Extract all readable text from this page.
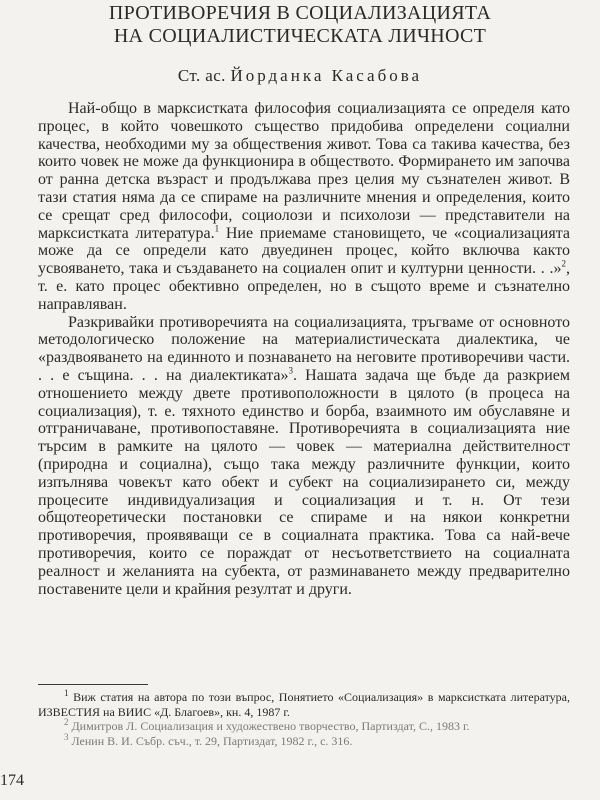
ПРОТИВОРЕЧИЯ В СОЦИАЛИЗАЦИЯТА
НА СОЦИАЛИСТИЧЕСКАТА ЛИЧНОСТ
Ст. ас. Йорданка Касабова

Най-общо в марксистката философия социализацията се определя като процес, в който човешкото същество придобива определени социални качества, необходими му за обществения живот. Това са такива качества, без които човек не може да функционира в обществото. Формирането им започва от ранна детска възраст и продължава през целия му съзнателен живот. В тази статия няма да се спираме на различните мнения и определения, които се срещат сред философи, социолози и психолози — представители на марксистката литература.$^1$ Ние приемаме становището, че «социализацията може да се определи като двуединен процес, който включва както усвояването, така и създаването на социален опит и културни ценности. . .»$^2$, т. е. като процес обективно определен, но в същото време и съзнателно направляван.

Разкривайки противоречията на социализацията, тръгваме от основното методологическо положение на материалистическата диалектика, че «раздвояването на единното и познаването на неговите противоречиви части. . . е същина. . . на диалектиката»$^3$. Нашата задача ще бъде да разкрием отношението между двете противоположности в цялото (в процеса на социализация), т. е. тяхното единство и борба, взаимното им обуславяне и отграничаване, противопоставяне. Противоречията в социализацията ние търсим в рамките на цялото — човек — материална действителност (природна и социална), също така между различните функции, които изпълнява човекът като обект и субект на социализирането си, между процесите индивидуализация и социализация и т. н. От тези общотеоретически постановки се спираме и на някои конкретни противоречия, проявяващи се в социалната практика. Това са най-вече противоречия, които се пораждат от несъответствието на социалната реалност и желанията на субекта, от разминаването между предварително поставените цели и крайния резултат и други.

$^1$ Виж статия на автора по този въпрос, Понятието «Социализация» в марксистката литература, ИЗВЕСТИЯ на ВИИС «Д. Благоев», кн. 4, 1987 г.

$^2$ Димитров Л. Социализация и художествено творчество, Партиздат, С., 1983 г.

$^3$ Ленин В. И. Събр. съч., т. 29, Партиздат, 1982 г., с. 316.

174
